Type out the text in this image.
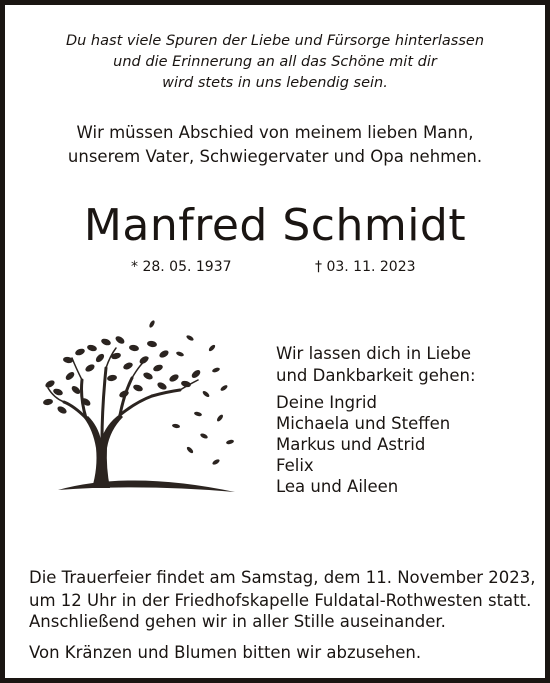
Du hast viele Spuren der Liebe und Fürsorge hinterlassen
und die Erinnerung an all das Schöne mit dir
wird stets in uns lebendig sein.
Wir müssen Abschied von meinem lieben Mann,
unserem Vater, Schwiegervater und Opa nehmen.
Manfred Schmidt
* 28. 05. 1937	† 03. 11. 2023
Wir lassen dich in Liebe
und Dankbarkeit gehen:
Deine Ingrid
Michaela und Steffen
Markus und Astrid
Felix
Lea und Aileen
Die Trauerfeier findet am Samstag, dem 11. November 2023,
um 12 Uhr in der Friedhofskapelle Fuldatal-Rothwesten statt.
Anschließend gehen wir in aller Stille auseinander.
Von Kränzen und Blumen bitten wir abzusehen.
